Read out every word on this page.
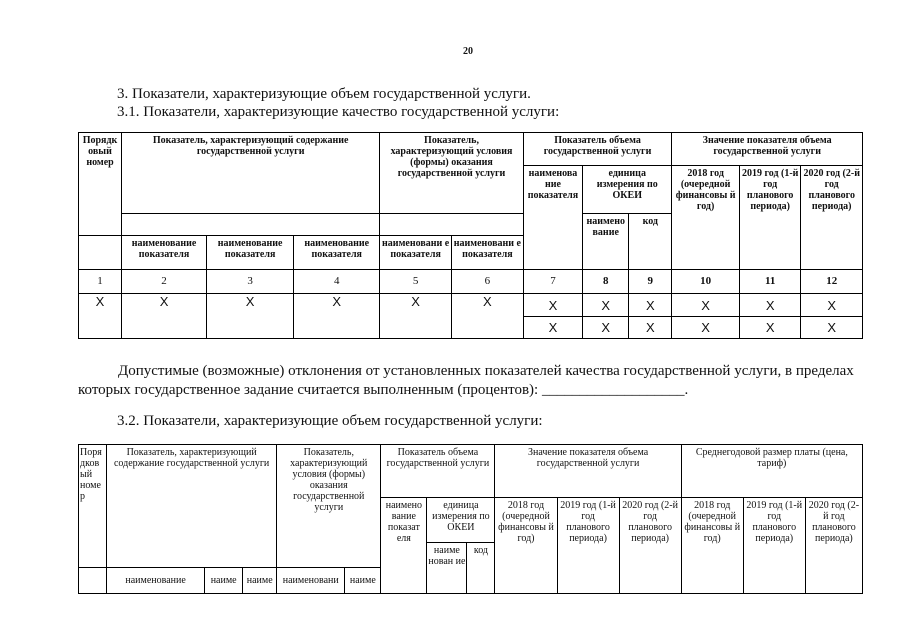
20
3. Показатели, характеризующие объем государственной услуги.
3.1. Показатели, характеризующие качество государственной услуги:
Порядк овый номер	Показатель, характеризующий содержание государственной услуги			Показатель, характеризующий условия (формы) оказания государственной услуги		Показатель объема государственной услуги			Значение показателя объема государственной услуги		
						наименова ние показателя	единица измерения по ОКЕИ		2018 год (очередной финансовы й год)	2019 год (1-й год планового периода)	2020 год (2-й год планового периода)
							наимено вание	код			
	наименование показателя	наименование показателя	наименование показателя	наименовани е показателя	наименовани е показателя						
1	2	3	4	5	6	7	8	9	10	11	12
X	X	X	X	X	X	X	X	X	X	X	X
						X	X	X	X	X	X
Допустимые (возможные) отклонения от установленных показателей качества государственной услуги, в пределах которых государственное задание считается выполненным (процентов): ___________________.
3.2. Показатели, характеризующие объем государственной услуги:
Поря дков ый номе р	Показатель, характеризующий содержание государственной услуги			Показатель, характеризующий условия (формы) оказания государственной услуги		Показатель объема государственной услуги			Значение показателя объема государственной услуги			Среднегодовой размер платы (цена, тариф)		
						наимено вание показат еля	единица измерения по ОКЕИ		2018 год (очередной финансовы й год)	2019 год (1-й год планового периода)	2020 год (2-й год планового периода)	2018 год (очередной финансовы й год)	2019 год (1-й год планового периода)	2020 год (2-й год планового периода)
							наиме нован ие	код						
	наименование	наиме	наиме	наименовани	наиме									
